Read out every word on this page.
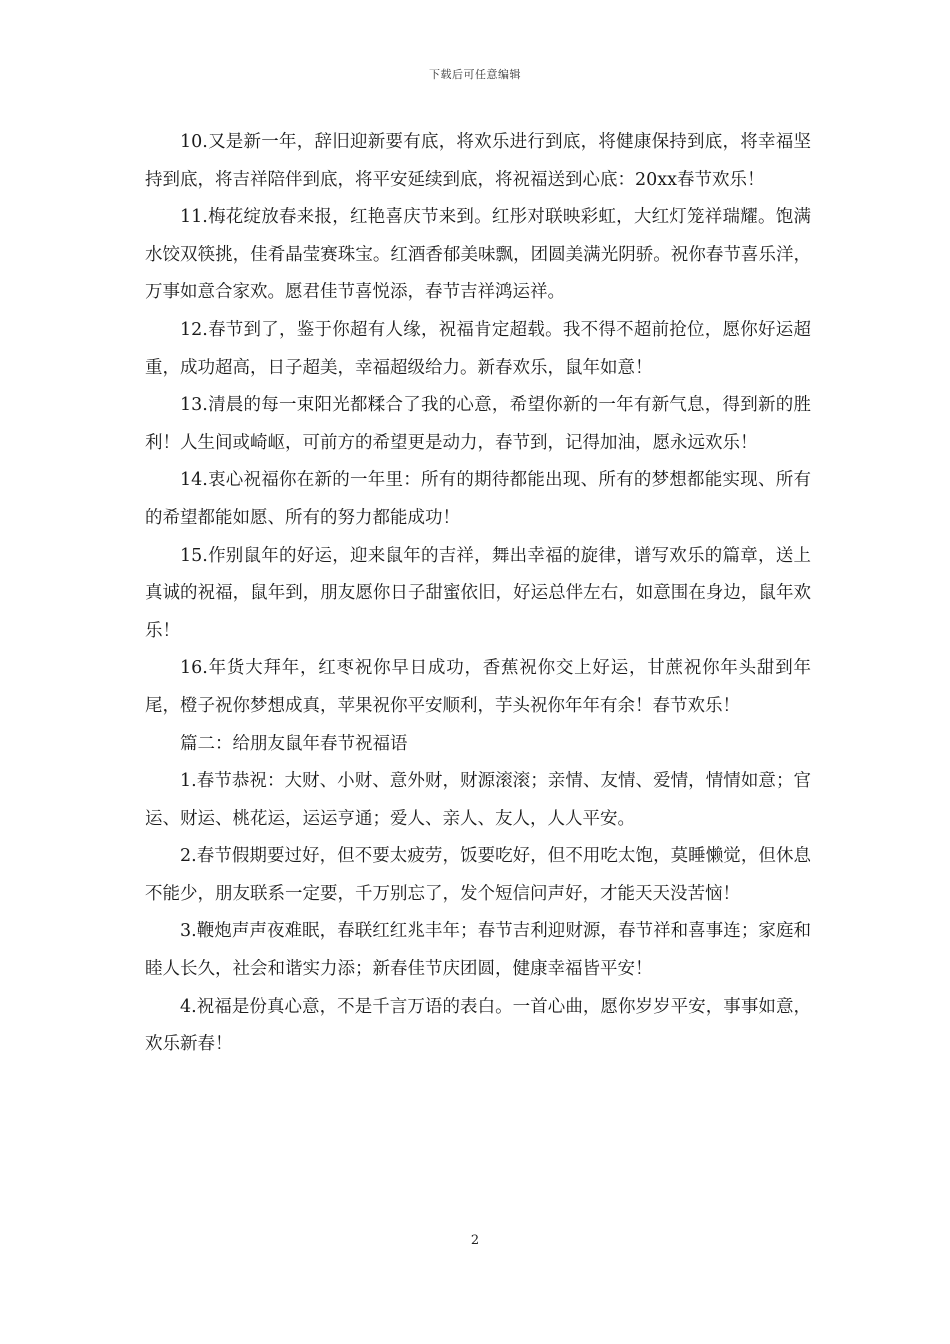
下载后可任意编辑

10.又是新一年，辞旧迎新要有底，将欢乐进行到底，将健康保持到底，将幸福坚持到底，将吉祥陪伴到底，将平安延续到底，将祝福送到心底：20xx春节欢乐！

11.梅花绽放春来报，红艳喜庆节来到。红彤对联映彩虹，大红灯笼祥瑞耀。饱满水饺双筷挑，佳肴晶莹赛珠宝。红酒香郁美味飘，团圆美满光阴骄。祝你春节喜乐洋，万事如意合家欢。愿君佳节喜悦添，春节吉祥鸿运祥。

12.春节到了，鉴于你超有人缘，祝福肯定超载。我不得不超前抢位，愿你好运超重，成功超高，日子超美，幸福超级给力。新春欢乐，鼠年如意！

13.清晨的每一束阳光都糅合了我的心意，希望你新的一年有新气息，得到新的胜利！人生间或崎岖，可前方的希望更是动力，春节到，记得加油，愿永远欢乐！

14.衷心祝福你在新的一年里：所有的期待都能出现、所有的梦想都能实现、所有的希望都能如愿、所有的努力都能成功！

15.作别鼠年的好运，迎来鼠年的吉祥，舞出幸福的旋律，谱写欢乐的篇章，送上真诚的祝福，鼠年到，朋友愿你日子甜蜜依旧，好运总伴左右，如意围在身边，鼠年欢乐！

16.年货大拜年，红枣祝你早日成功，香蕉祝你交上好运，甘蔗祝你年头甜到年尾，橙子祝你梦想成真，苹果祝你平安顺利，芋头祝你年年有余！春节欢乐！

篇二：给朋友鼠年春节祝福语

1.春节恭祝：大财、小财、意外财，财源滚滚；亲情、友情、爱情，情情如意；官运、财运、桃花运，运运亨通；爱人、亲人、友人，人人平安。

2.春节假期要过好，但不要太疲劳，饭要吃好，但不用吃太饱，莫睡懒觉，但休息不能少，朋友联系一定要，千万别忘了，发个短信问声好，才能天天没苦恼！

3.鞭炮声声夜难眠，春联红红兆丰年；春节吉利迎财源，春节祥和喜事连；家庭和睦人长久，社会和谐实力添；新春佳节庆团圆，健康幸福皆平安！

4.祝福是份真心意，不是千言万语的表白。一首心曲，愿你岁岁平安，事事如意，欢乐新春！

2
